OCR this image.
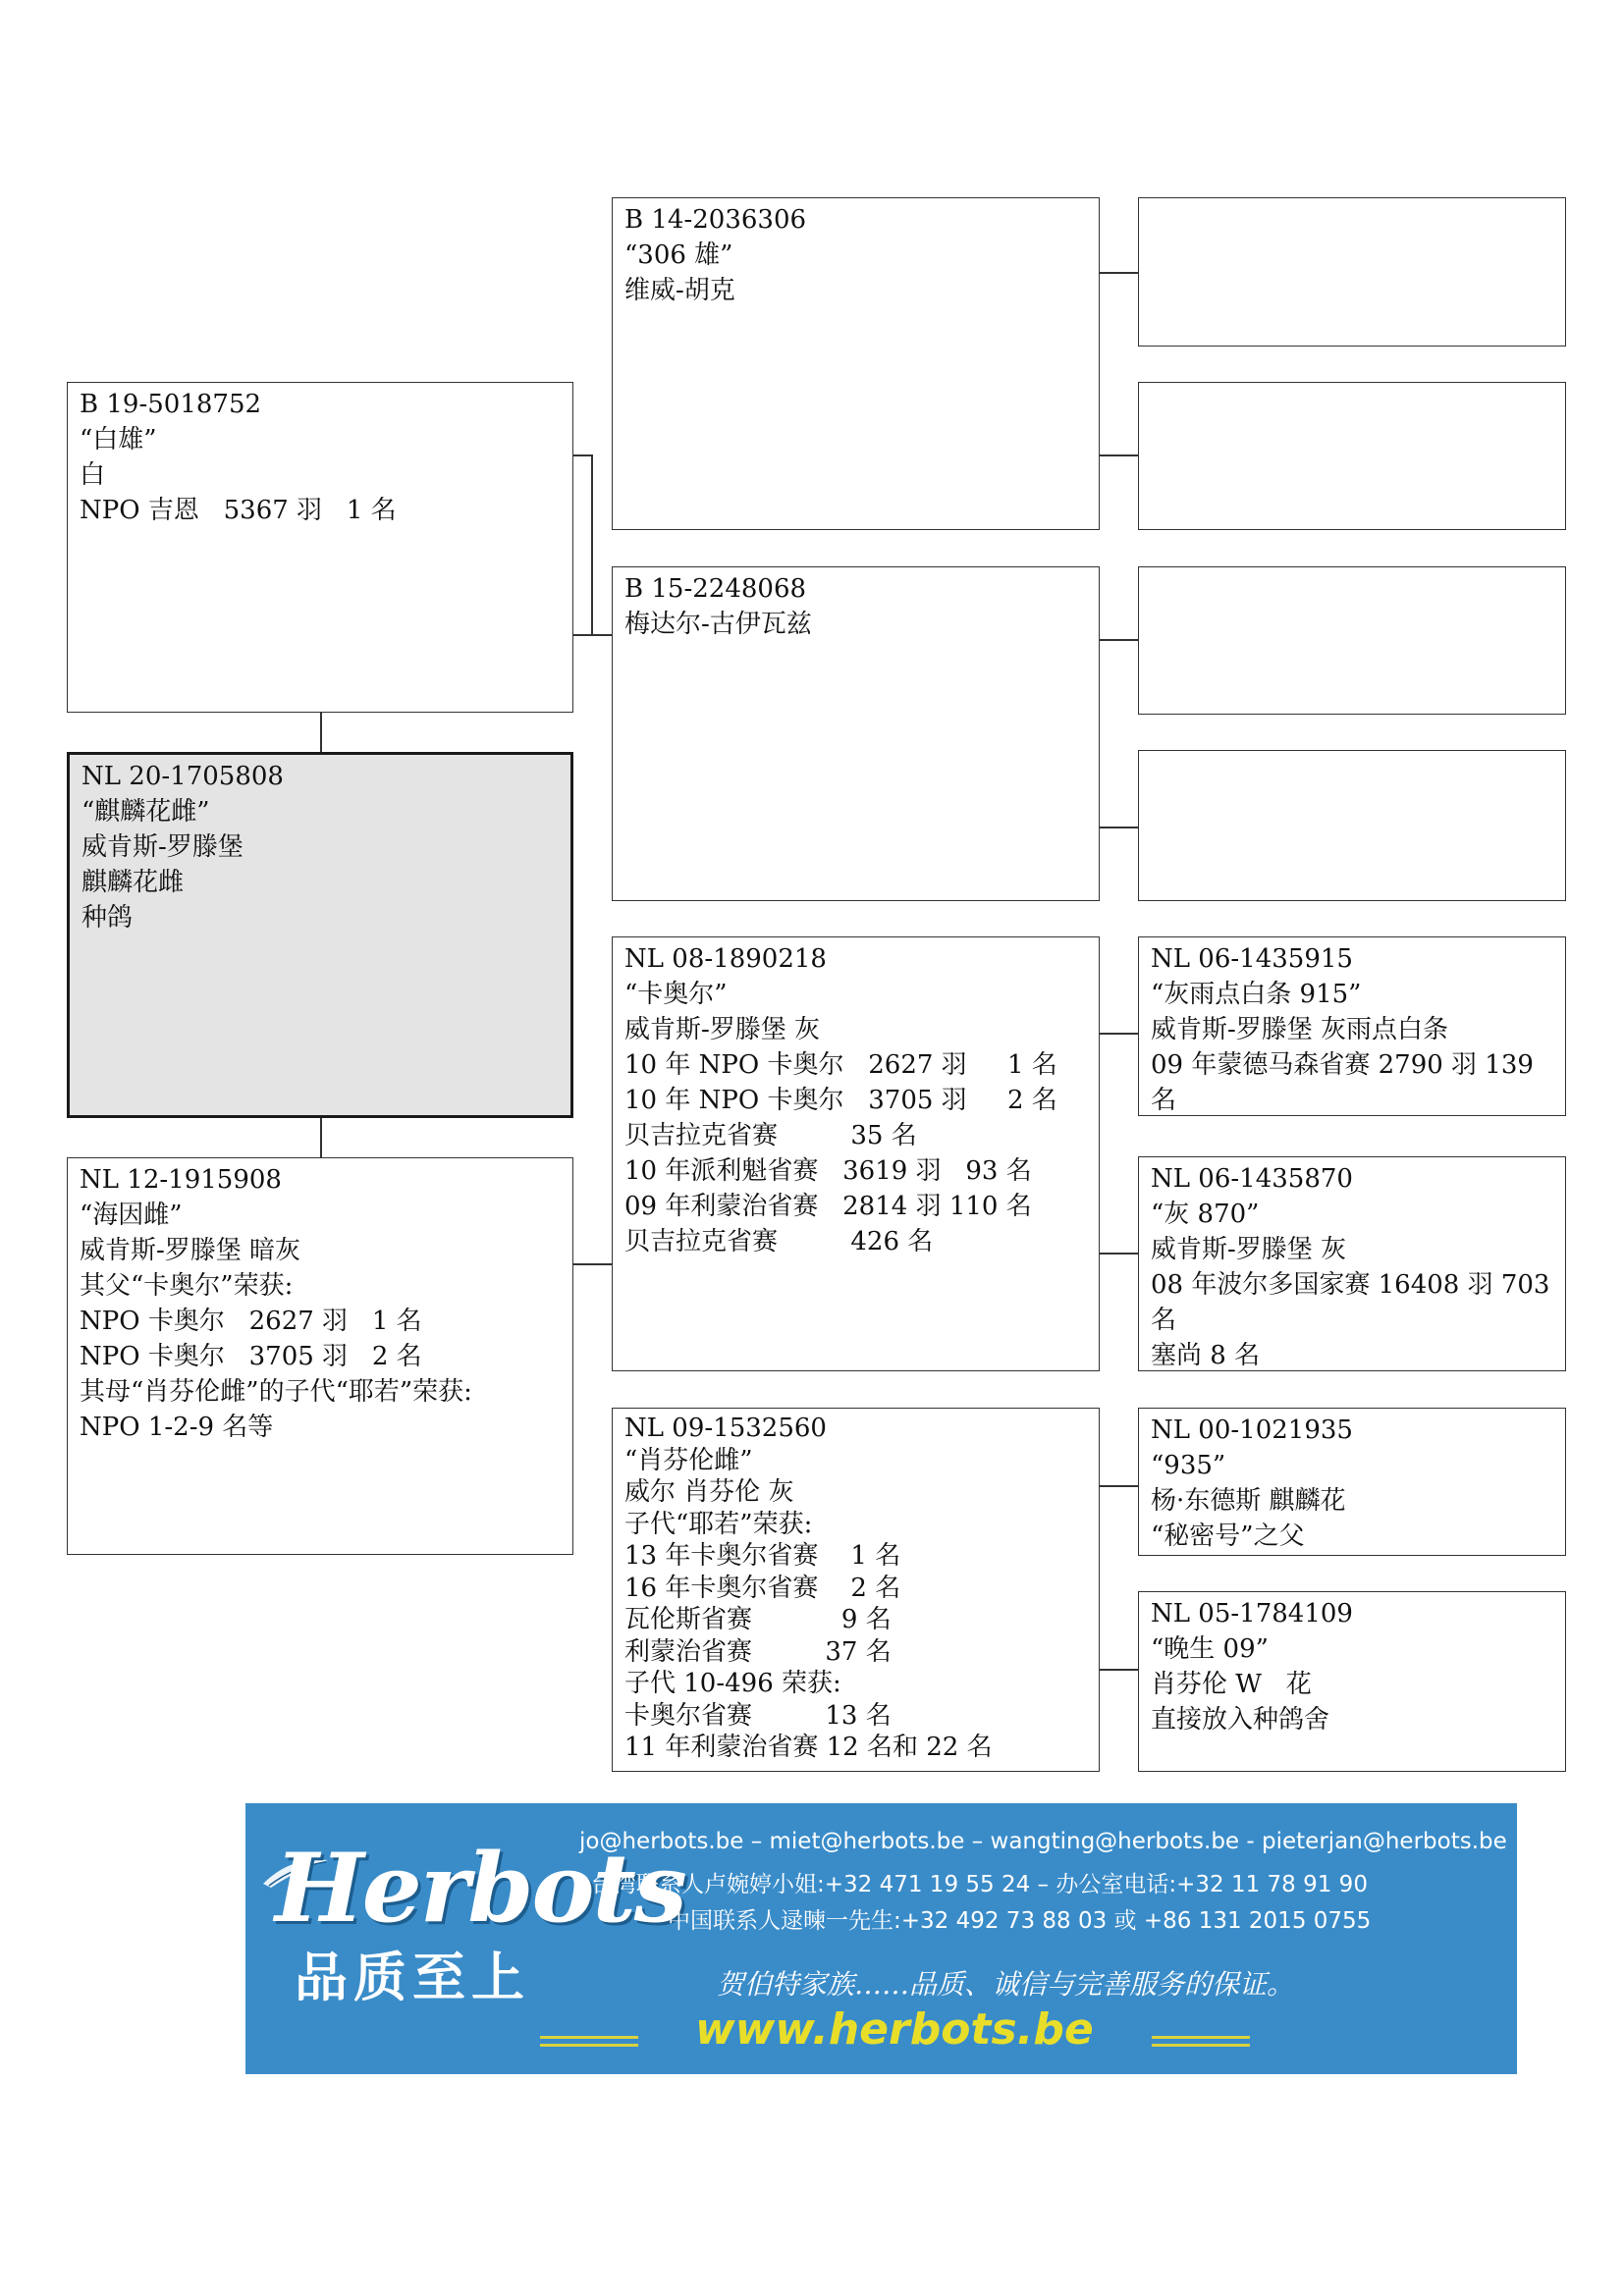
B 19-5018752
“白雄”
白
NPO 吉恩   5367 羽   1 名
NL 20-1705808
“麒麟花雌”
威肯斯-罗滕堡
麒麟花雌
种鸽
NL 12-1915908
“海因雌”
威肯斯-罗滕堡 暗灰
其父“卡奥尔”荣获:
NPO 卡奥尔   2627 羽   1 名
NPO 卡奥尔   3705 羽   2 名
其母“肖芬伦雌”的子代“耶若”荣获:
NPO 1-2-9 名等
B 14-2036306
“306 雄”
维威-胡克
B 15-2248068
梅达尔-古伊瓦兹
NL 08-1890218
“卡奥尔”
威肯斯-罗滕堡 灰
10 年 NPO 卡奥尔   2627 羽     1 名
10 年 NPO 卡奥尔   3705 羽     2 名
贝吉拉克省赛         35 名
10 年派利魁省赛   3619 羽   93 名
09 年利蒙治省赛   2814 羽 110 名
贝吉拉克省赛         426 名
NL 09-1532560
“肖芬伦雌”
威尔 肖芬伦 灰
子代“耶若”荣获:
13 年卡奥尔省赛    1 名
16 年卡奥尔省赛    2 名
瓦伦斯省赛           9 名
利蒙治省赛         37 名
子代 10-496 荣获:
卡奥尔省赛         13 名
11 年利蒙治省赛 12 名和 22 名
NL 06-1435915
“灰雨点白条 915”
威肯斯-罗滕堡 灰雨点白条
09 年蒙德马森省赛 2790 羽 139 名
NL 06-1435870
“灰 870”
威肯斯-罗滕堡 灰
08 年波尔多国家赛 16408 羽 703 名
塞尚 8 名
NL 00-1021935
“935”
杨·东德斯 麒麟花
“秘密号”之父
NL 05-1784109
“晚生 09”
肖芬伦 W   花
直接放入种鸽舍
Herbots
品质至上
jo@herbots.be – miet@herbots.be – wangting@herbots.be - pieterjan@herbots.be
台湾联系人卢婉婷小姐:+32 471 19 55 24 – 办公室电话:+32 11 78 91 90
中国联系人逯暕一先生:+32 492 73 88 03 或 +86 131 2015 0755
贺伯特家族……品质、诚信与完善服务的保证。
www.herbots.be
